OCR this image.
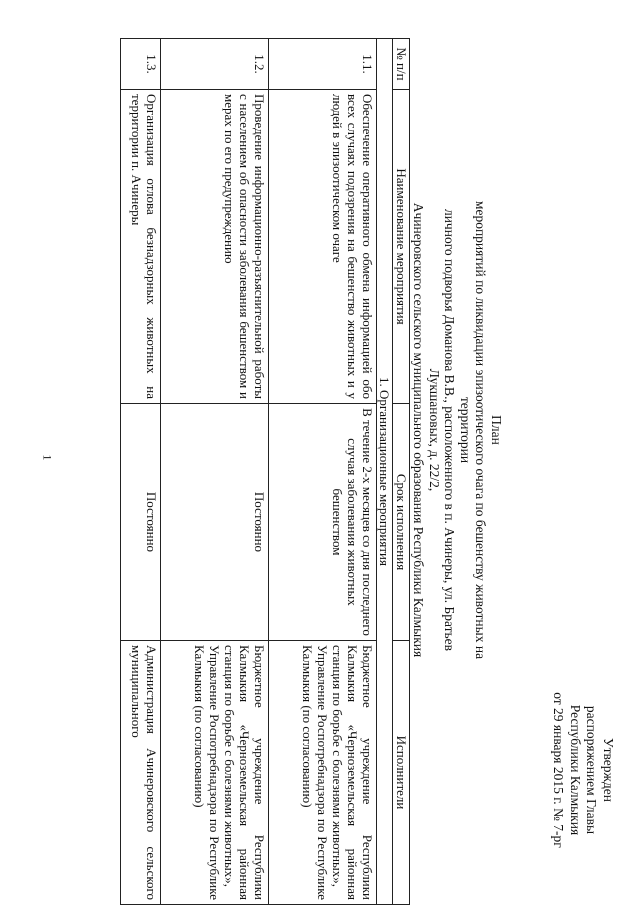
1
Утвержден
распоряжением Главы
Республики Калмыкия
от 29 января 2015 г. № 7-рг
План
мероприятий по ликвидации эпизоотического очага по бешенству животных на территории
личного подворья Доманова В.В., расположенного в п. Ачинеры, ул. Братьев Лукшановых, д. 22/2,
Ачинеровского сельского муниципального образования Республики Калмыкия
№ п/п	Наименование мероприятия	Срок исполнения	Исполнители
1. Организационные мероприятия			
1.1.	Обеспечение оперативного обмена информацией обо всех случаях подозрения на бешенство животных и у людей в эпизоотическом очаге	В течение 2-х месяцев со дня последнего случая заболевания животных бешенством	Бюджетное учреждение Республики Калмыкия «Черноземельская районная станция по борьбе с болезнями животных»,
Управление Роспотребнадзора по Республике Калмыкия (по согласованию)

1.2.	Проведение информационно-разъяснительной работы с населением об опасности заболевания бешенством и мерах по его предупреждению	Постоянно	Бюджетное учреждение Республики Калмыкия «Черноземельская районная станция по борьбе с болезнями животных»,
Управление Роспотребнадзора по Республике Калмыкия (по согласованию)

1.3.	Организация отлова безнадзорных животных на территории п. Ачинеры	Постоянно	Администрация Ачинеровского сельского муниципального
